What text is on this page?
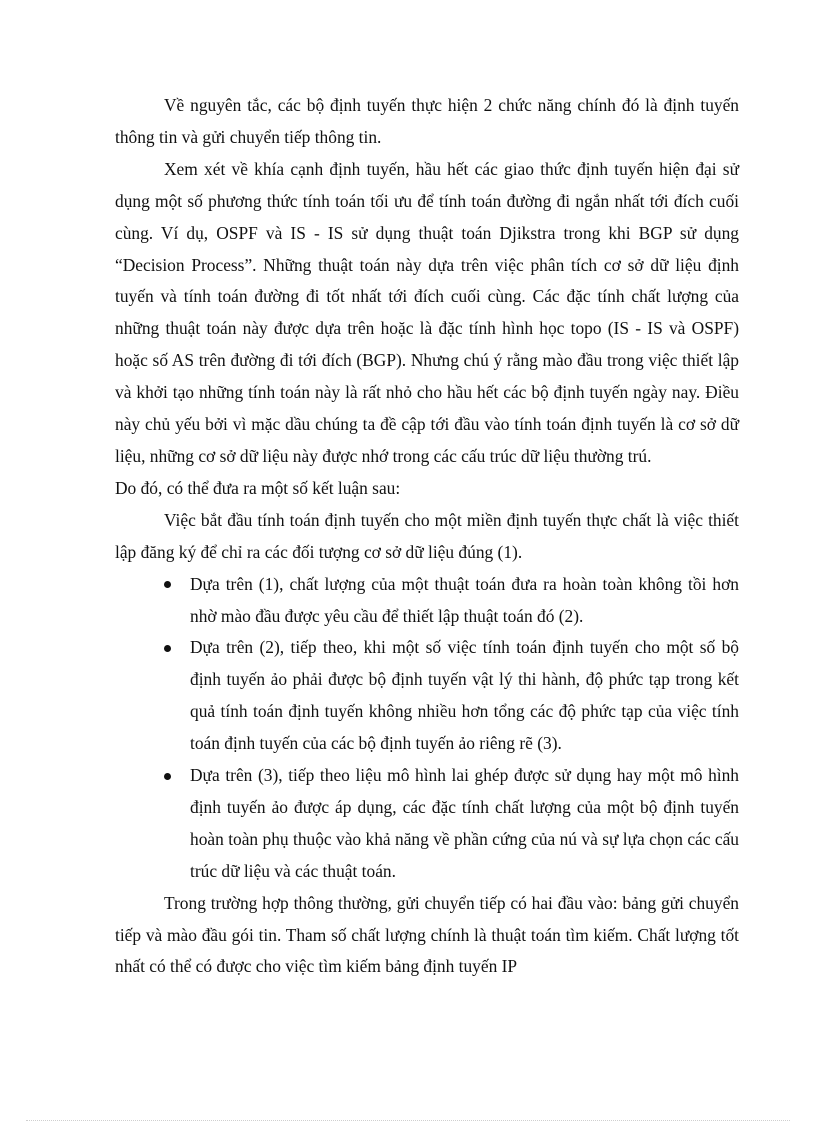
Về nguyên tắc, các bộ định tuyến thực hiện 2 chức năng chính đó là định tuyến thông tin và gửi chuyển tiếp thông tin.

Xem xét về khía cạnh định tuyến, hầu hết các giao thức định tuyến hiện đại sử dụng một số phương thức tính toán tối ưu để tính toán đường đi ngắn nhất tới đích cuối cùng. Ví dụ, OSPF và IS - IS sử dụng thuật toán Djikstra trong khi BGP sử dụng “Decision Process”. Những thuật toán này dựa trên việc phân tích cơ sở dữ liệu định tuyến và tính toán đường đi tốt nhất tới đích cuối cùng. Các đặc tính chất lượng của những thuật toán này được dựa trên hoặc là đặc tính hình học topo (IS - IS và OSPF) hoặc số AS trên đường đi tới đích (BGP). Nhưng chú ý rằng mào đầu trong việc thiết lập và khởi tạo những tính toán này là rất nhỏ cho hầu hết các bộ định tuyến ngày nay. Điều này chủ yếu bởi vì mặc dầu chúng ta đề cập tới đầu vào tính toán định tuyến là cơ sở dữ liệu, những cơ sở dữ liệu này được nhớ trong các cấu trúc dữ liệu thường trú.

Do đó, có thể đưa ra một số kết luận sau:

Việc bắt đầu tính toán định tuyến cho một miền định tuyến thực chất là việc thiết lập đăng ký để chỉ ra các đối tượng cơ sở dữ liệu đúng (1).

Dựa trên (1), chất lượng của một thuật toán đưa ra hoàn toàn không tồi hơn nhờ mào đầu được yêu cầu để thiết lập thuật toán đó (2).
Dựa trên (2), tiếp theo, khi một số việc tính toán định tuyến cho một số bộ định tuyến ảo phải được bộ định tuyến vật lý thi hành, độ phức tạp trong kết quả tính toán định tuyến không nhiều hơn tổng các độ phức tạp của việc tính toán định tuyến của các bộ định tuyến ảo riêng rẽ (3).
Dựa trên (3), tiếp theo liệu mô hình lai ghép được sử dụng hay một mô hình định tuyến ảo được áp dụng, các đặc tính chất lượng của một bộ định tuyến hoàn toàn phụ thuộc vào khả năng về phần cứng của nú và sự lựa chọn các cấu trúc dữ liệu và các thuật toán.

Trong trường hợp thông thường, gửi chuyển tiếp có hai đầu vào: bảng gửi chuyển tiếp và mào đầu gói tin. Tham số chất lượng chính là thuật toán tìm kiếm. Chất lượng tốt nhất có thể có được cho việc tìm kiếm bảng định tuyến IP
